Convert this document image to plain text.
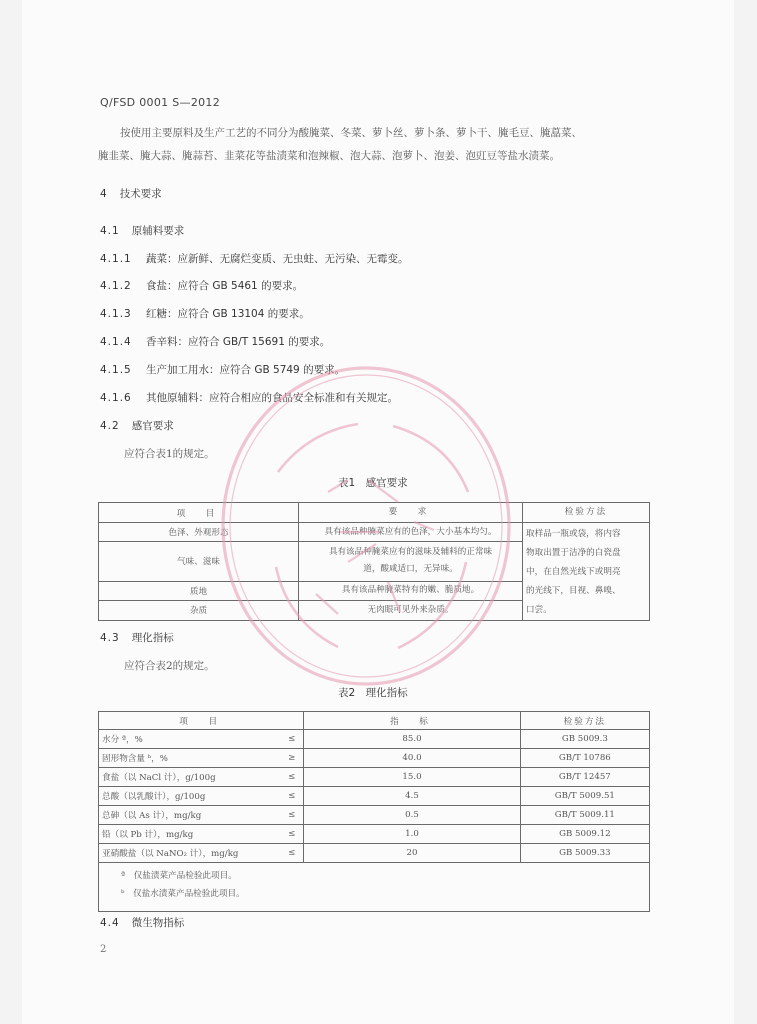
Q/FSD 0001 S—2012
按使用主要原料及生产工艺的不同分为酸腌菜、冬菜、萝卜丝、萝卜条、萝卜干、腌毛豆、腌藠菜、
腌韭菜、腌大蒜、腌蒜苔、韭菜花等盐渍菜和泡辣椒、泡大蒜、泡萝卜、泡姜、泡豇豆等盐水渍菜。
4 技术要求
4.1 原辅料要求
4.1.1 蔬菜：应新鲜、无腐烂变质、无虫蛀、无污染、无霉变。
4.1.2 食盐：应符合 GB 5461 的要求。
4.1.3 红糖：应符合 GB 13104 的要求。
4.1.4 香辛料：应符合 GB/T 15691 的要求。
4.1.5 生产加工用水：应符合 GB 5749 的要求。
4.1.6 其他原辅料：应符合相应的食品安全标准和有关规定。
4.2 感官要求
应符合表1的规定。
表1　感官要求
项　目	要　求	检验方法
色泽、外观形态	具有该品种腌菜应有的色泽，大小基本均匀。	取样品一瓶或袋，将内容
物取出置于洁净的白瓷盘
中，在自然光线下或明亮
的光线下，目视、鼻嗅、
口尝。

气味、滋味	具有该品种腌菜应有的滋味及辅料的正常味
道，酸咸适口，无异味。	

质地	具有该品种腌菜特有的嫩、脆质地。	
杂质	无肉眼可见外来杂质。	
4.3 理化指标
应符合表2的规定。
表2　理化指标
项　目		指　标	检验方法
水分 ª，%	≤	85.0	GB 5009.3
固形物含量 ᵇ，%	≥	40.0	GB/T 10786
食盐（以 NaCl 计），g/100g	≤	15.0	GB/T 12457
总酸（以乳酸计），g/100g	≤	4.5	GB/T 5009.51
总砷（以 As 计），mg/kg	≤	0.5	GB/T 5009.11
铅（以 Pb 计），mg/kg	≤	1.0	GB 5009.12
亚硝酸盐（以 NaNO₂ 计），mg/kg	≤	20	GB 5009.33

ª　仅盐渍菜产品检验此项目。
ᵇ　仅盐水渍菜产品检验此项目。			
4.4 微生物指标
2
